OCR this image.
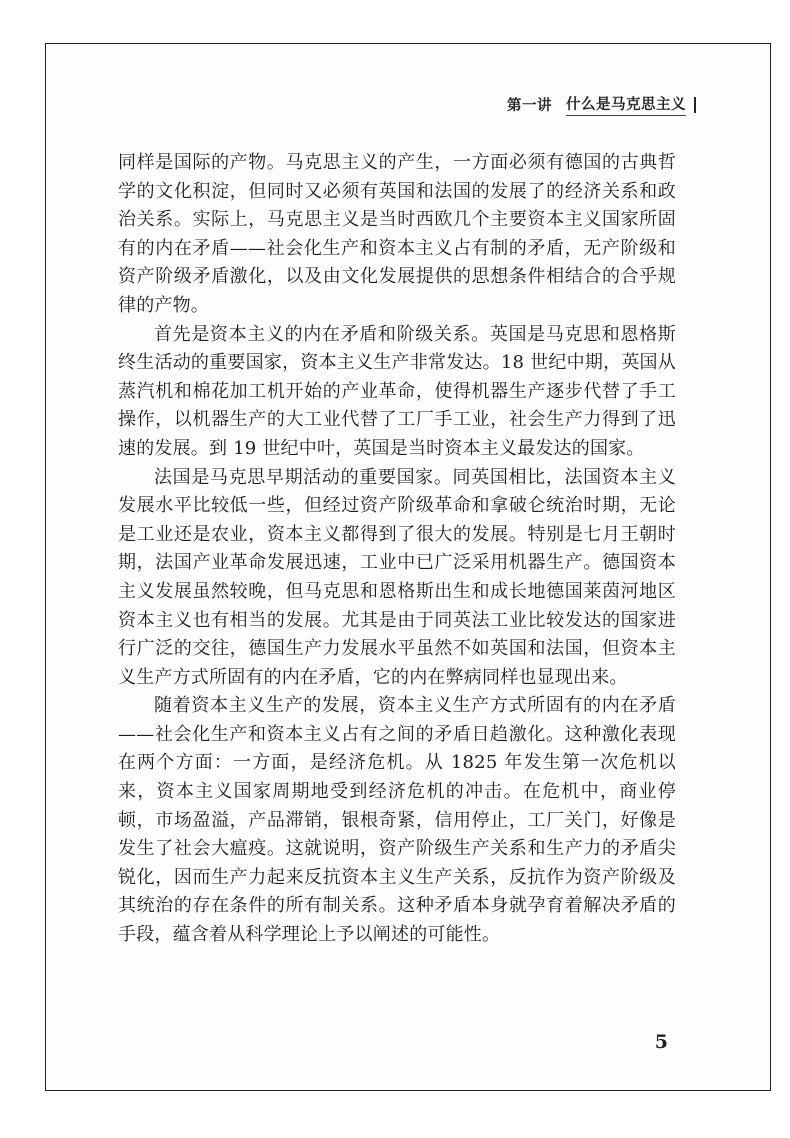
第一讲 什么是马克思主义

同样是国际的产物。马克思主义的产生，一方面必须有德国的古典哲学的文化积淀，但同时又必须有英国和法国的发展了的经济关系和政治关系。实际上，马克思主义是当时西欧几个主要资本主义国家所固有的内在矛盾——社会化生产和资本主义占有制的矛盾，无产阶级和资产阶级矛盾激化，以及由文化发展提供的思想条件相结合的合乎规律的产物。

首先是资本主义的内在矛盾和阶级关系。英国是马克思和恩格斯终生活动的重要国家，资本主义生产非常发达。18 世纪中期，英国从蒸汽机和棉花加工机开始的产业革命，使得机器生产逐步代替了手工操作，以机器生产的大工业代替了工厂手工业，社会生产力得到了迅速的发展。到 19 世纪中叶，英国是当时资本主义最发达的国家。

法国是马克思早期活动的重要国家。同英国相比，法国资本主义发展水平比较低一些，但经过资产阶级革命和拿破仑统治时期，无论是工业还是农业，资本主义都得到了很大的发展。特别是七月王朝时期，法国产业革命发展迅速，工业中已广泛采用机器生产。德国资本主义发展虽然较晚，但马克思和恩格斯出生和成长地德国莱茵河地区资本主义也有相当的发展。尤其是由于同英法工业比较发达的国家进行广泛的交往，德国生产力发展水平虽然不如英国和法国，但资本主义生产方式所固有的内在矛盾，它的内在弊病同样也显现出来。

随着资本主义生产的发展，资本主义生产方式所固有的内在矛盾——社会化生产和资本主义占有之间的矛盾日趋激化。这种激化表现在两个方面：一方面，是经济危机。从 1825 年发生第一次危机以来，资本主义国家周期地受到经济危机的冲击。在危机中，商业停顿，市场盈溢，产品滞销，银根奇紧，信用停止，工厂关门，好像是发生了社会大瘟疫。这就说明，资产阶级生产关系和生产力的矛盾尖锐化，因而生产力起来反抗资本主义生产关系，反抗作为资产阶级及其统治的存在条件的所有制关系。这种矛盾本身就孕育着解决矛盾的手段，蕴含着从科学理论上予以阐述的可能性。

5
